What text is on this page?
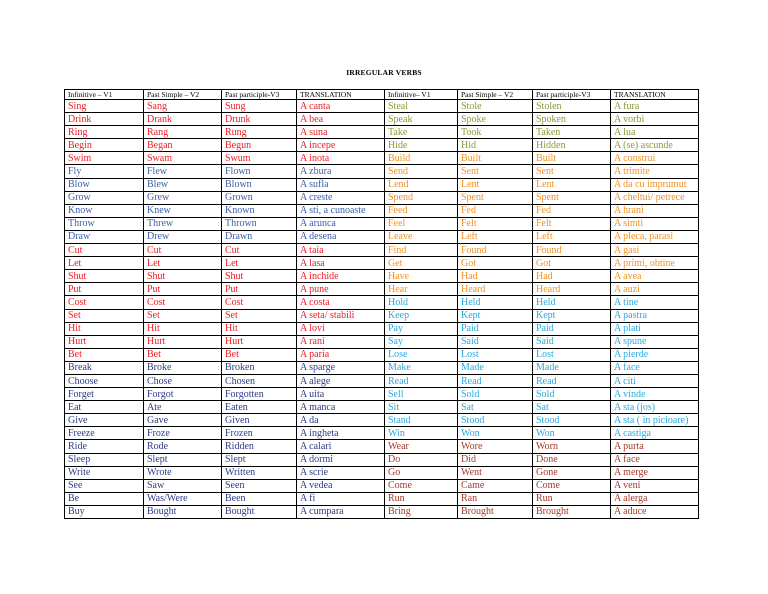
IRREGULAR VERBS
Infinitive – V1	Past Simple – V2	Past participle-V3	TRANSLATION	Infinitive– V1	Past Simple – V2	Past participle-V3	TRANSLATION
Sing	Sang	Sung	A canta	Steal	Stole	Stolen	A fura
Drink	Drank	Drunk	A bea	Speak	Spoke	Spoken	A vorbi
Ring	Rang	Rung	A suna	Take	Took	Taken	A lua
Begin	Began	Begun	A incepe	Hide	Hid	Hidden	A (se) ascunde
Swim	Swam	Swum	A inota	Build	Built	Built	A construi
Fly	Flew	Flown	A zbura	Send	Sent	Sent	A trimite
Blow	Blew	Blown	A sufla	Lend	Lent	Lent	A da cu imprumut
Grow	Grew	Grown	A creste	Spend	Spent	Spent	A cheltui/ petrece
Know	Knew	Known	A sti, a cunoaste	Feed	Fed	Fed	A hrani
Throw	Threw	Thrown	A arunca	Feel	Felt	Felt	A simti
Draw	Drew	Drawn	A desena	Leave	Left	Left	A pleca, parasi
Cut	Cut	Cut	A taia	Find	Found	Found	A gasi
Let	Let	Let	A lasa	Get	Got	Got	A primi, obtine
Shut	Shut	Shut	A inchide	Have	Had	Had	A avea
Put	Put	Put	A pune	Hear	Heard	Heard	A auzi
Cost	Cost	Cost	A costa	Hold	Held	Held	A tine
Set	Set	Set	A seta/ stabili	Keep	Kept	Kept	A pastra
Hit	Hit	Hit	A lovi	Pay	Paid	Paid	A plati
Hurt	Hurt	Hurt	A rani	Say	Said	Said	A spune
Bet	Bet	Bet	A paria	Lose	Lost	Lost	A pierde
Break	Broke	Broken	A sparge	Make	Made	Made	A face
Choose	Chose	Chosen	A alege	Read	Read	Read	A citi
Forget	Forgot	Forgotten	A uita	Sell	Sold	Sold	A vinde
Eat	Ate	Eaten	A manca	Sit	Sat	Sat	A sta (jos)
Give	Gave	Given	A da	Stand	Stood	Stood	A sta ( in picioare)
Freeze	Froze	Frozen	A ingheta	Win	Won	Won	A castiga
Ride	Rode	Ridden	A calari	Wear	Wore	Worn	A purta
Sleep	Slept	Slept	A dormi	Do	Did	Done	A face
Write	Wrote	Written	A scrie	Go	Went	Gone	A merge
See	Saw	Seen	A vedea	Come	Came	Come	A veni
Be	Was/Were	Been	A fi	Run	Ran	Run	A alerga
Buy	Bought	Bought	A cumpara	Bring	Brought	Brought	A aduce
